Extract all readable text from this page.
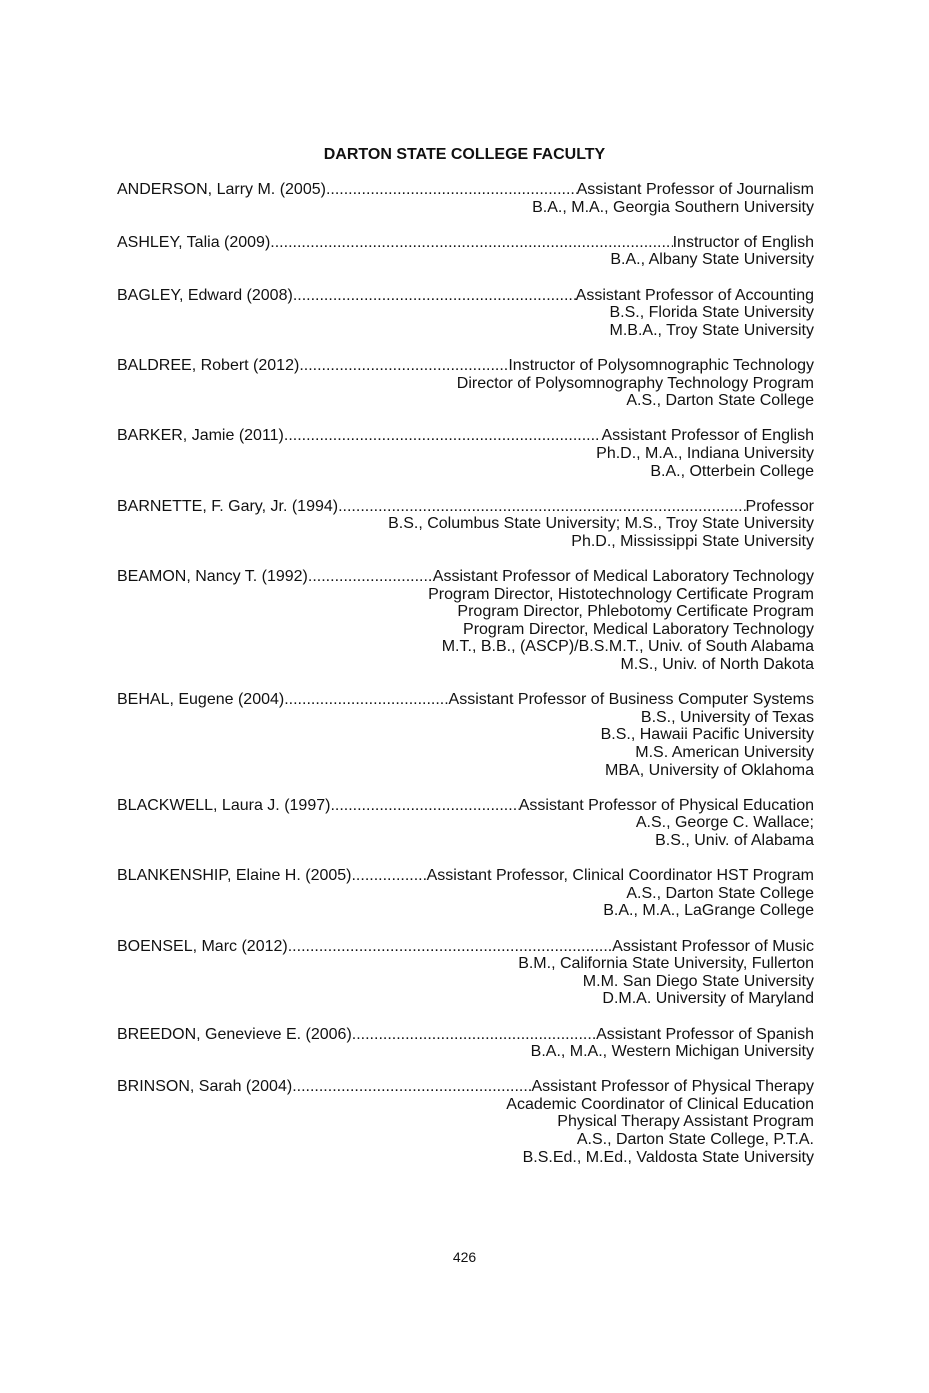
DARTON STATE COLLEGE FACULTY
ANDERSON, Larry M. (2005) .....	Assistant Professor of Journalism
B.A., M.A., Georgia Southern University
ASHLEY, Talia (2009) .....	Instructor of English
B.A., Albany State University
BAGLEY, Edward (2008) .....	Assistant Professor of Accounting
B.S., Florida State University
M.B.A., Troy State University
BALDREE, Robert (2012) .....	Instructor of Polysomnographic Technology
Director of Polysomnography Technology Program
A.S., Darton State College
BARKER, Jamie (2011) .....	Assistant Professor of English
Ph.D., M.A., Indiana University
B.A., Otterbein College
BARNETTE, F. Gary, Jr. (1994) .....	Professor
B.S., Columbus State University; M.S., Troy State University
Ph.D., Mississippi State University
BEAMON, Nancy T. (1992) .....	Assistant Professor of Medical Laboratory Technology
Program Director, Histotechnology Certificate Program
Program Director, Phlebotomy Certificate Program
Program Director, Medical Laboratory Technology
M.T., B.B., (ASCP)/B.S.M.T., Univ. of South Alabama
M.S., Univ. of North Dakota
BEHAL, Eugene (2004) .....	Assistant Professor of Business Computer Systems
B.S., University of Texas
B.S., Hawaii Pacific University
M.S. American University
MBA, University of Oklahoma
BLACKWELL, Laura J. (1997) .....	Assistant Professor of Physical Education
A.S., George C. Wallace;
B.S., Univ. of Alabama
BLANKENSHIP, Elaine H. (2005) .....	Assistant Professor, Clinical Coordinator HST Program
A.S., Darton State College
B.A., M.A., LaGrange College
BOENSEL, Marc (2012) .....	Assistant Professor of Music
B.M., California State University, Fullerton
M.M. San Diego State University
D.M.A. University of Maryland
BREEDON, Genevieve E. (2006) .....	Assistant Professor of Spanish
B.A., M.A., Western Michigan University
BRINSON, Sarah (2004) .....	Assistant Professor of Physical Therapy
Academic Coordinator of Clinical Education
Physical Therapy Assistant Program
A.S., Darton State College, P.T.A.
B.S.Ed., M.Ed., Valdosta State University
426
